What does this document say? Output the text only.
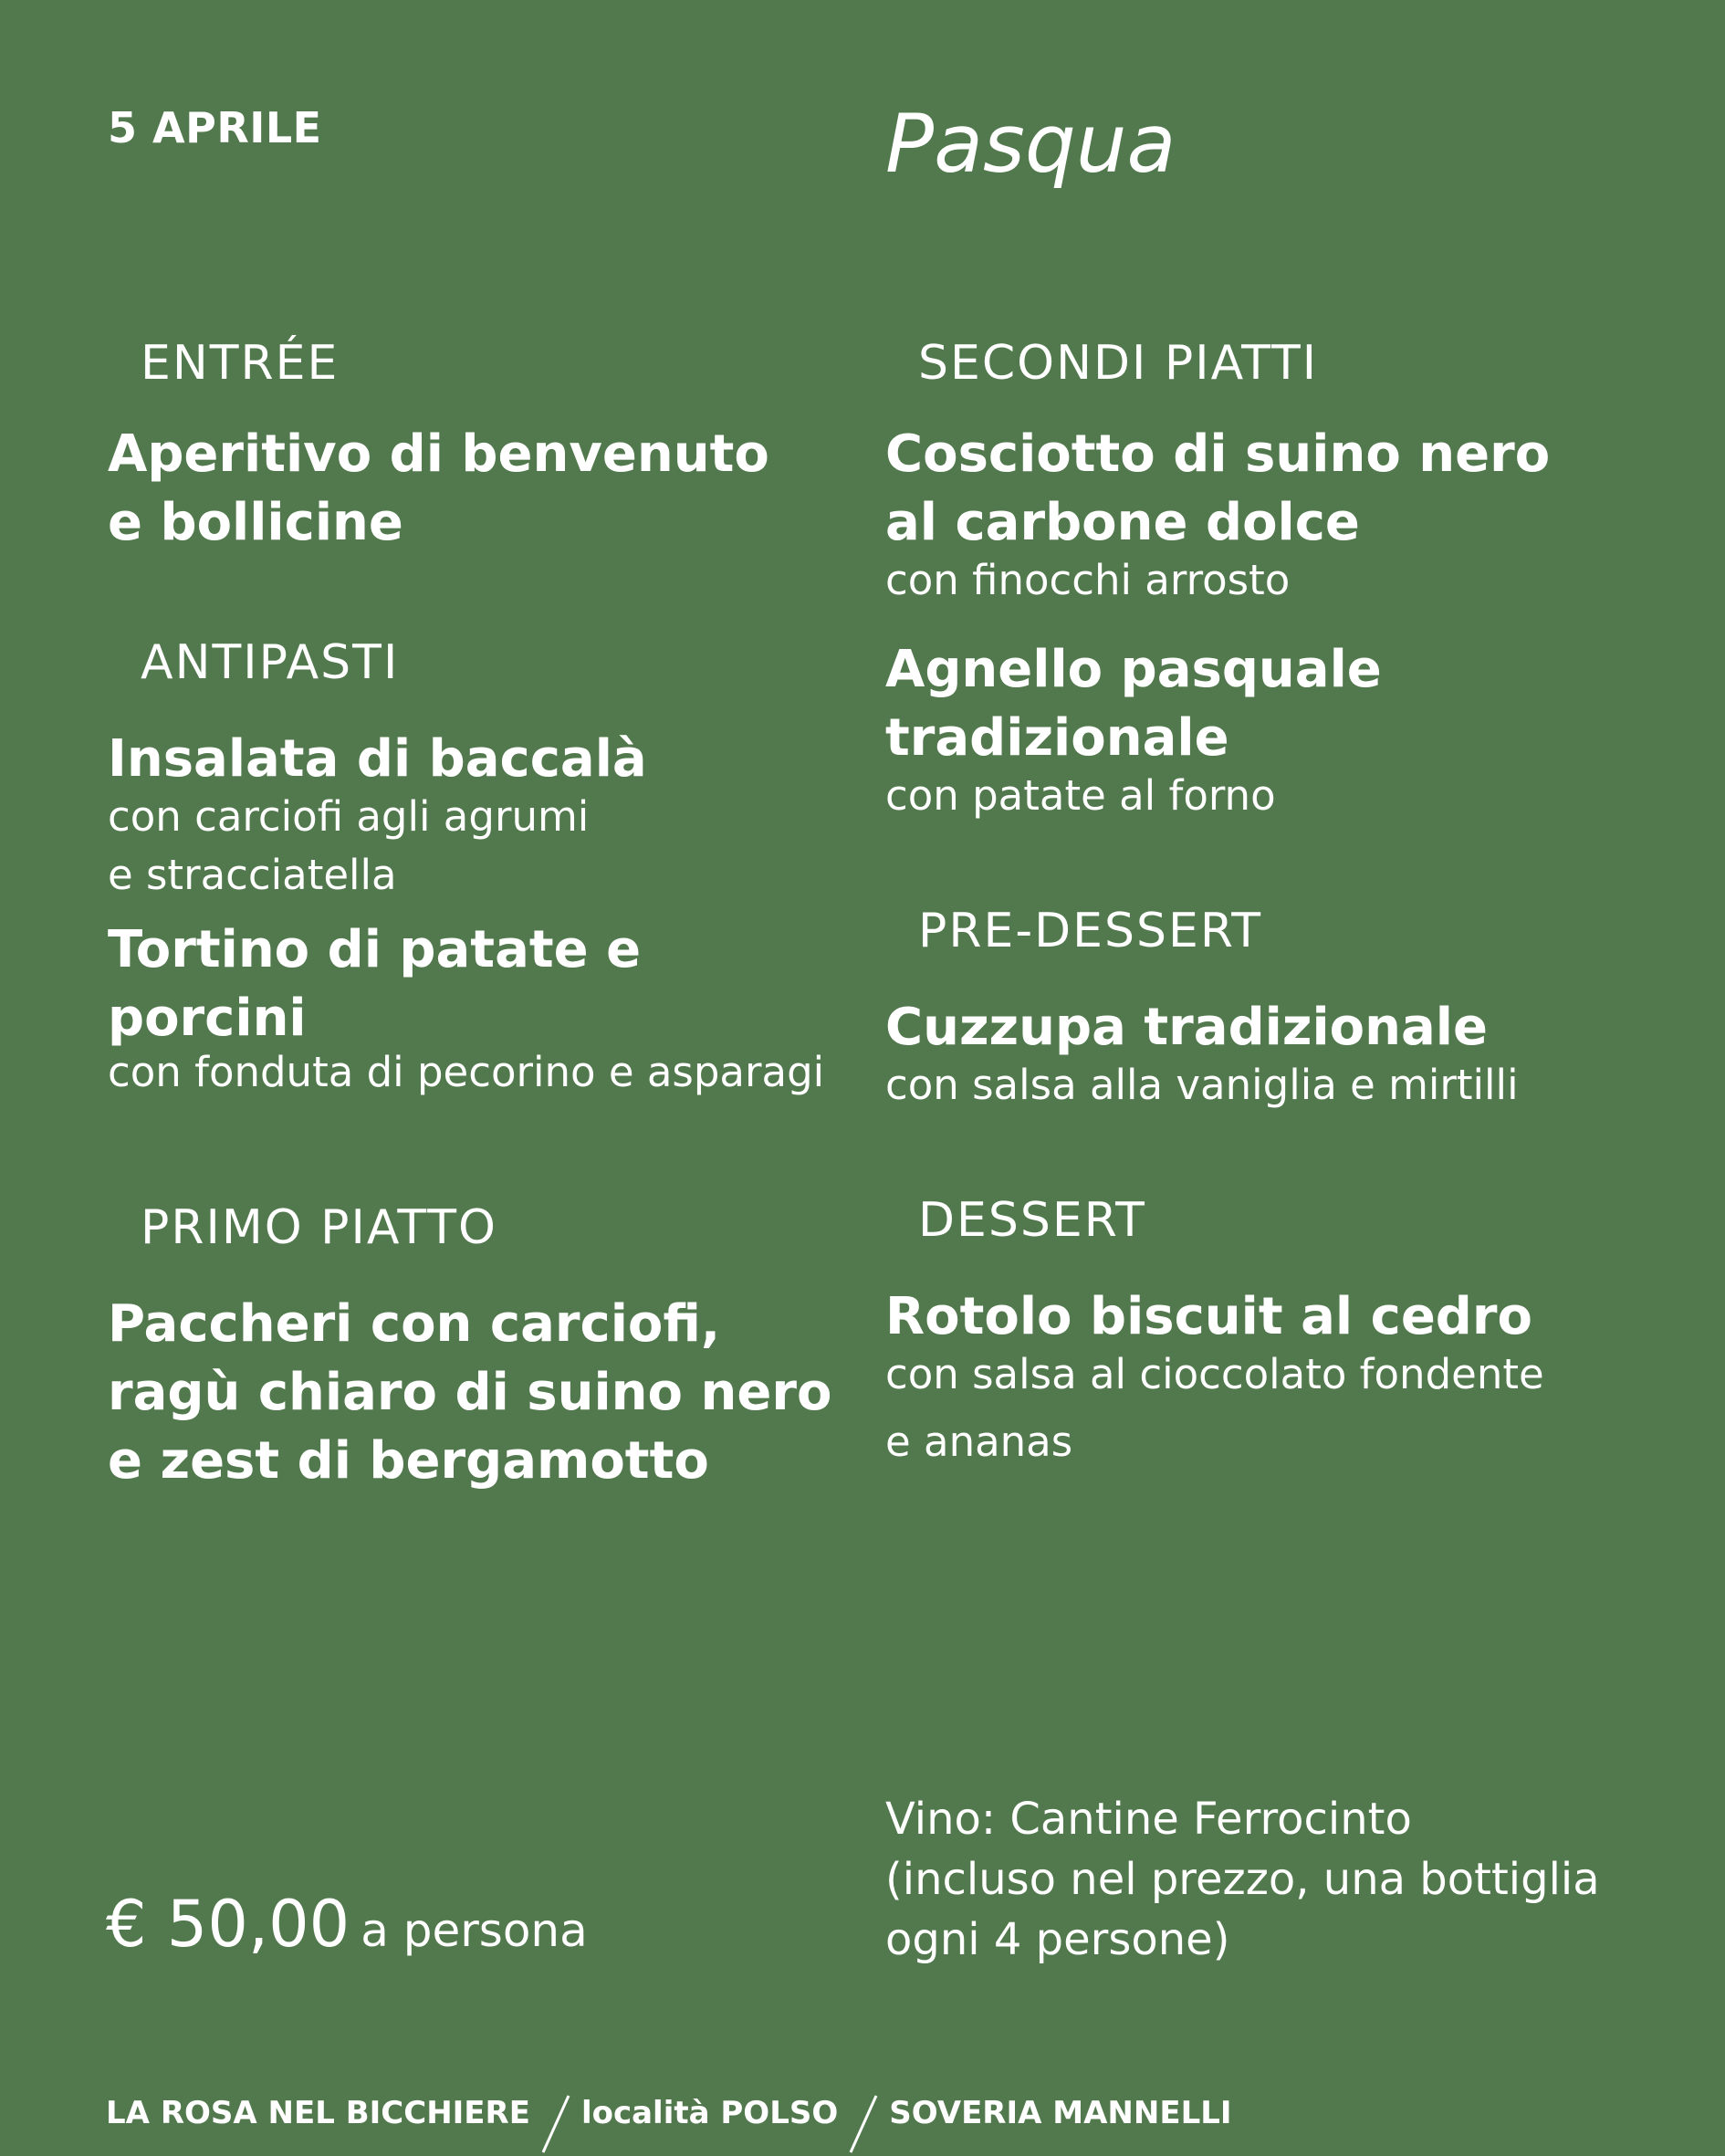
5 APRILE	Pasqua
ENTRÉE
Aperitivo di benvenuto
e bollicine
ANTIPASTI
Insalata di baccalà
con carciofi agli agrumi
e stracciatella
Tortino di patate e porcini
con fonduta di pecorino e asparagi
PRIMO PIATTO
Paccheri con carciofi,
ragù chiaro di suino nero
e zest di bergamotto
SECONDI PIATTI
Cosciotto di suino nero
al carbone dolce
con finocchi arrosto
Agnello pasquale
tradizionale
con patate al forno
PRE-DESSERT
Cuzzupa tradizionale
con salsa alla vaniglia e mirtilli
DESSERT
Rotolo biscuit al cedro
con salsa al cioccolato fondente
e ananas
€ 50,00 a persona
Vino: Cantine Ferrocinto
(incluso nel prezzo, una bottiglia
ogni 4 persone)
LA ROSA NEL BICCHIERE località POLSO SOVERIA MANNELLI
